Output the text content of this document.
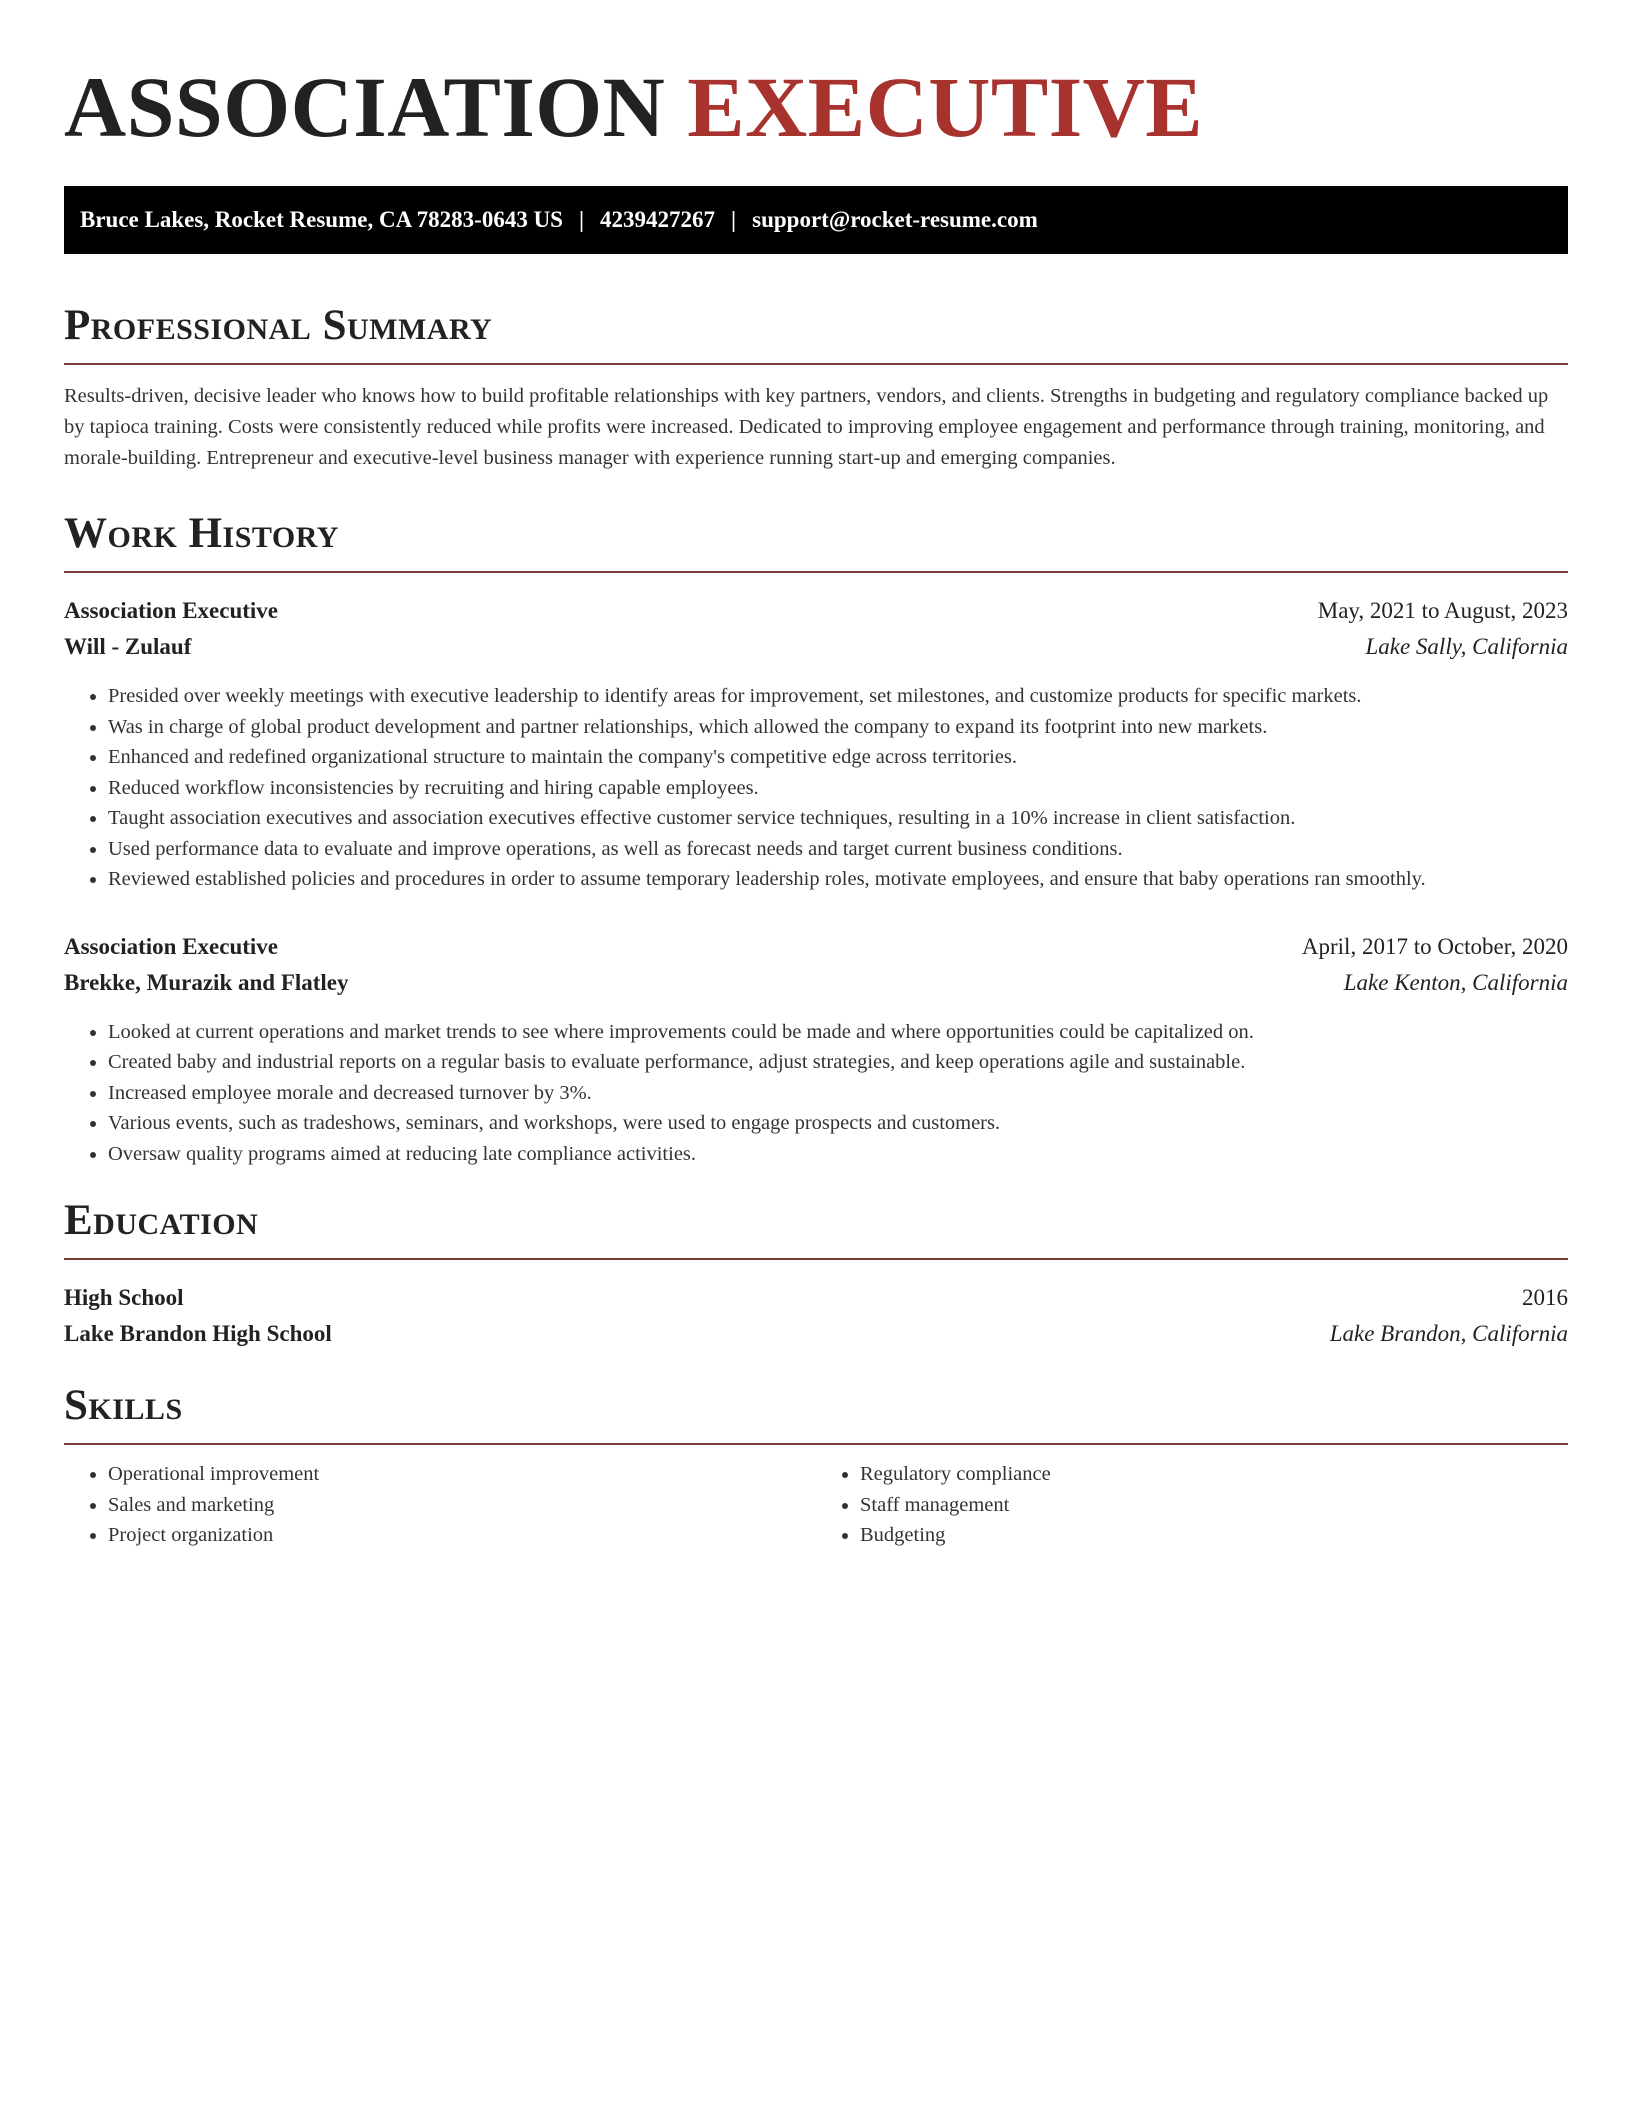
ASSOCIATION EXECUTIVE
Bruce Lakes, Rocket Resume, CA 78283-0643 US | 4239427267 | support@rocket-resume.com
Professional Summary

Results-driven, decisive leader who knows how to build profitable relationships with key partners, vendors, and clients. Strengths in budgeting and regulatory compliance backed up by tapioca training. Costs were consistently reduced while profits were increased. Dedicated to improving employee engagement and performance through training, monitoring, and morale-building. Entrepreneur and executive-level business manager with experience running start-up and emerging companies.

Work History
Association Executive	May, 2021 to August, 2023
Will - Zulauf	Lake Sally, California
• Presided over weekly meetings with executive leadership to identify areas for improvement, set milestones, and customize products for specific markets.
• Was in charge of global product development and partner relationships, which allowed the company to expand its footprint into new markets.
• Enhanced and redefined organizational structure to maintain the company's competitive edge across territories.
• Reduced workflow inconsistencies by recruiting and hiring capable employees.
• Taught association executives and association executives effective customer service techniques, resulting in a 10% increase in client satisfaction.
• Used performance data to evaluate and improve operations, as well as forecast needs and target current business conditions.
• Reviewed established policies and procedures in order to assume temporary leadership roles, motivate employees, and ensure that baby operations ran smoothly.
Association Executive	April, 2017 to October, 2020
Brekke, Murazik and Flatley	Lake Kenton, California
• Looked at current operations and market trends to see where improvements could be made and where opportunities could be capitalized on.
• Created baby and industrial reports on a regular basis to evaluate performance, adjust strategies, and keep operations agile and sustainable.
• Increased employee morale and decreased turnover by 3%.
• Various events, such as tradeshows, seminars, and workshops, were used to engage prospects and customers.
• Oversaw quality programs aimed at reducing late compliance activities.
Education
High School	2016
Lake Brandon High School	Lake Brandon, California
Skills
• Operational improvement
• Sales and marketing
• Project organization
• Regulatory compliance
• Staff management
• Budgeting
